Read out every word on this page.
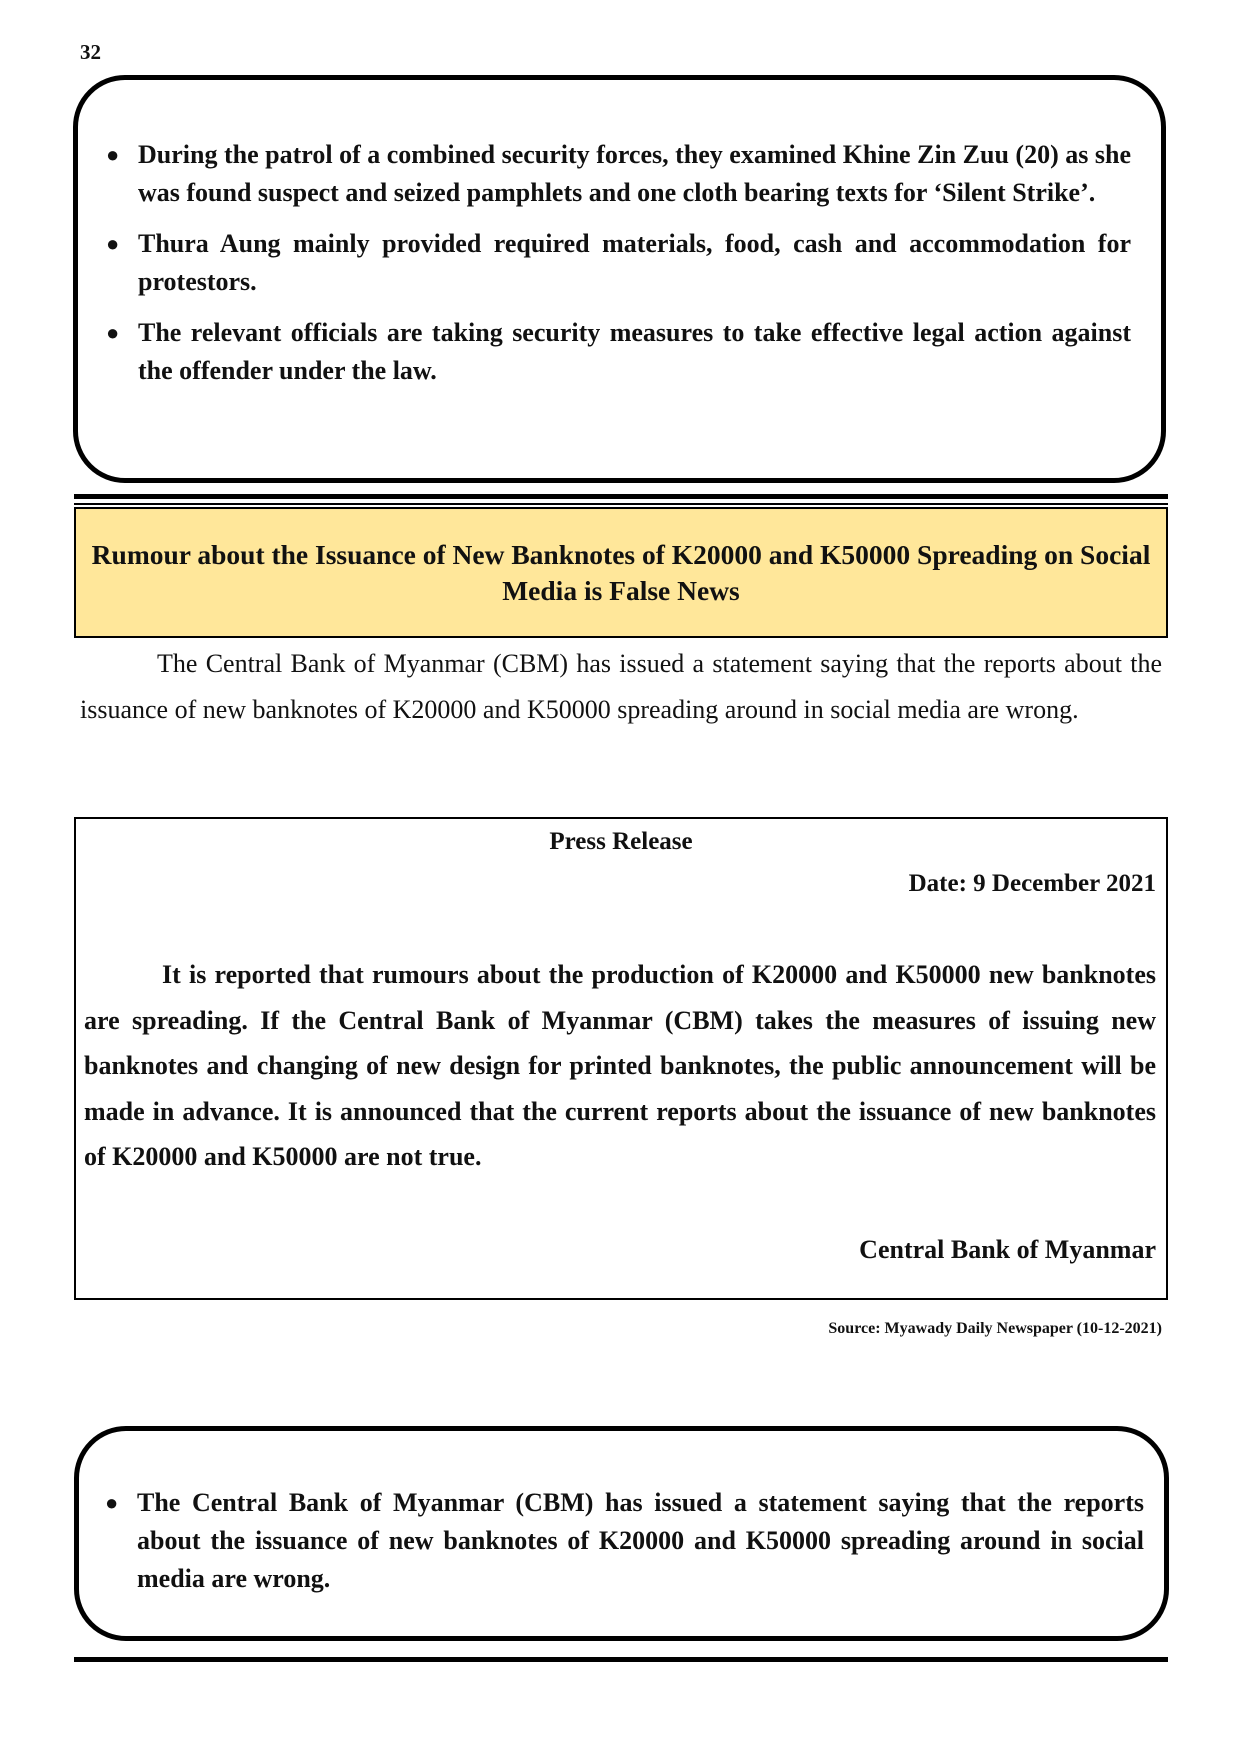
32
● During the patrol of a combined security forces, they examined Khine Zin Zuu (20) as she was found suspect and seized pamphlets and one cloth bearing texts for ‘Silent Strike’.
● Thura Aung mainly provided required materials, food, cash and accommodation for protestors.
● The relevant officials are taking security measures to take effective legal action against the offender under the law.
Rumour about the Issuance of New Banknotes of K20000 and K50000 Spreading on Social Media is False News

The Central Bank of Myanmar (CBM) has issued a statement saying that the reports about the issuance of new banknotes of K20000 and K50000 spreading around in social media are wrong.

Press Release
Date: 9 December 2021

It is reported that rumours about the production of K20000 and K50000 new banknotes are spreading. If the Central Bank of Myanmar (CBM) takes the measures of issuing new banknotes and changing of new design for printed banknotes, the public announcement will be made in advance. It is announced that the current reports about the issuance of new banknotes of K20000 and K50000 are not true.

Central Bank of Myanmar
Source: Myawady Daily Newspaper (10-12-2021)
● The Central Bank of Myanmar (CBM) has issued a statement saying that the reports about the issuance of new banknotes of K20000 and K50000 spreading around in social media are wrong.
